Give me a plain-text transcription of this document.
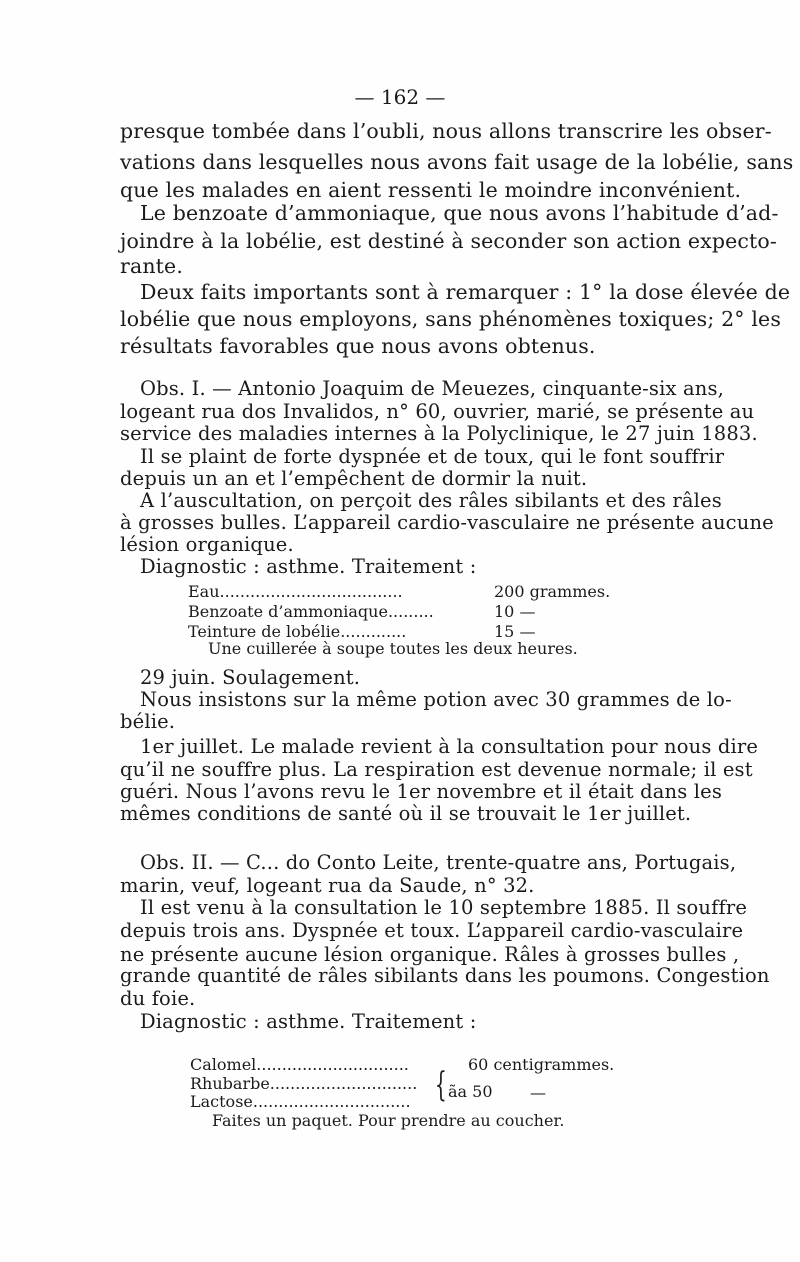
— 162 —
presque tombée dans l’oubli, nous allons transcrire les obser-
vations dans lesquelles nous avons fait usage de la lobélie, sans
que les malades en aient ressenti le moindre inconvénient.
Le benzoate d’ammoniaque, que nous avons l’habitude d’ad-
joindre à la lobélie, est destiné à seconder son action expecto-
rante.
Deux faits importants sont à remarquer : 1° la dose élevée de
lobélie que nous employons, sans phénomènes toxiques; 2° les
résultats favorables que nous avons obtenus.
Obs. I. — Antonio Joaquim de Meuezes, cinquante-six ans,
logeant rua dos Invalidos, n° 60, ouvrier, marié, se présente au
service des maladies internes à la Polyclinique, le 27 juin 1883.
Il se plaint de forte dyspnée et de toux, qui le font souffrir
depuis un an et l’empêchent de dormir la nuit.
A l’auscultation, on perçoit des râles sibilants et des râles
à grosses bulles. L’appareil cardio-vasculaire ne présente aucune
lésion organique.
Diagnostic : asthme. Traitement :
Eau....................................	200 grammes.
Benzoate d’ammoniaque.........	10 —
Teinture de lobélie.............	15 —
Une cuillerée à soupe toutes les deux heures.
29 juin. Soulagement.
Nous insistons sur la même potion avec 30 grammes de lo-
bélie.
1er juillet. Le malade revient à la consultation pour nous dire
qu’il ne souffre plus. La respiration est devenue normale; il est
guéri. Nous l’avons revu le 1er novembre et il était dans les
mêmes conditions de santé où il se trouvait le 1er juillet.
Obs. II. — C... do Conto Leite, trente-quatre ans, Portugais,
marin, veuf, logeant rua da Saude, n° 32.
Il est venu à la consultation le 10 septembre 1885. Il souffre
depuis trois ans. Dyspnée et toux. L’appareil cardio-vasculaire
ne présente aucune lésion organique. Râles à grosses bulles ,
grande quantité de râles sibilants dans les poumons. Congestion
du foie.
Diagnostic : asthme. Traitement :
Calomel..............................	60 centigrammes.
Rhubarbe.............................
Lactose............................... { ãa 50 —
Faites un paquet. Pour prendre au coucher.
